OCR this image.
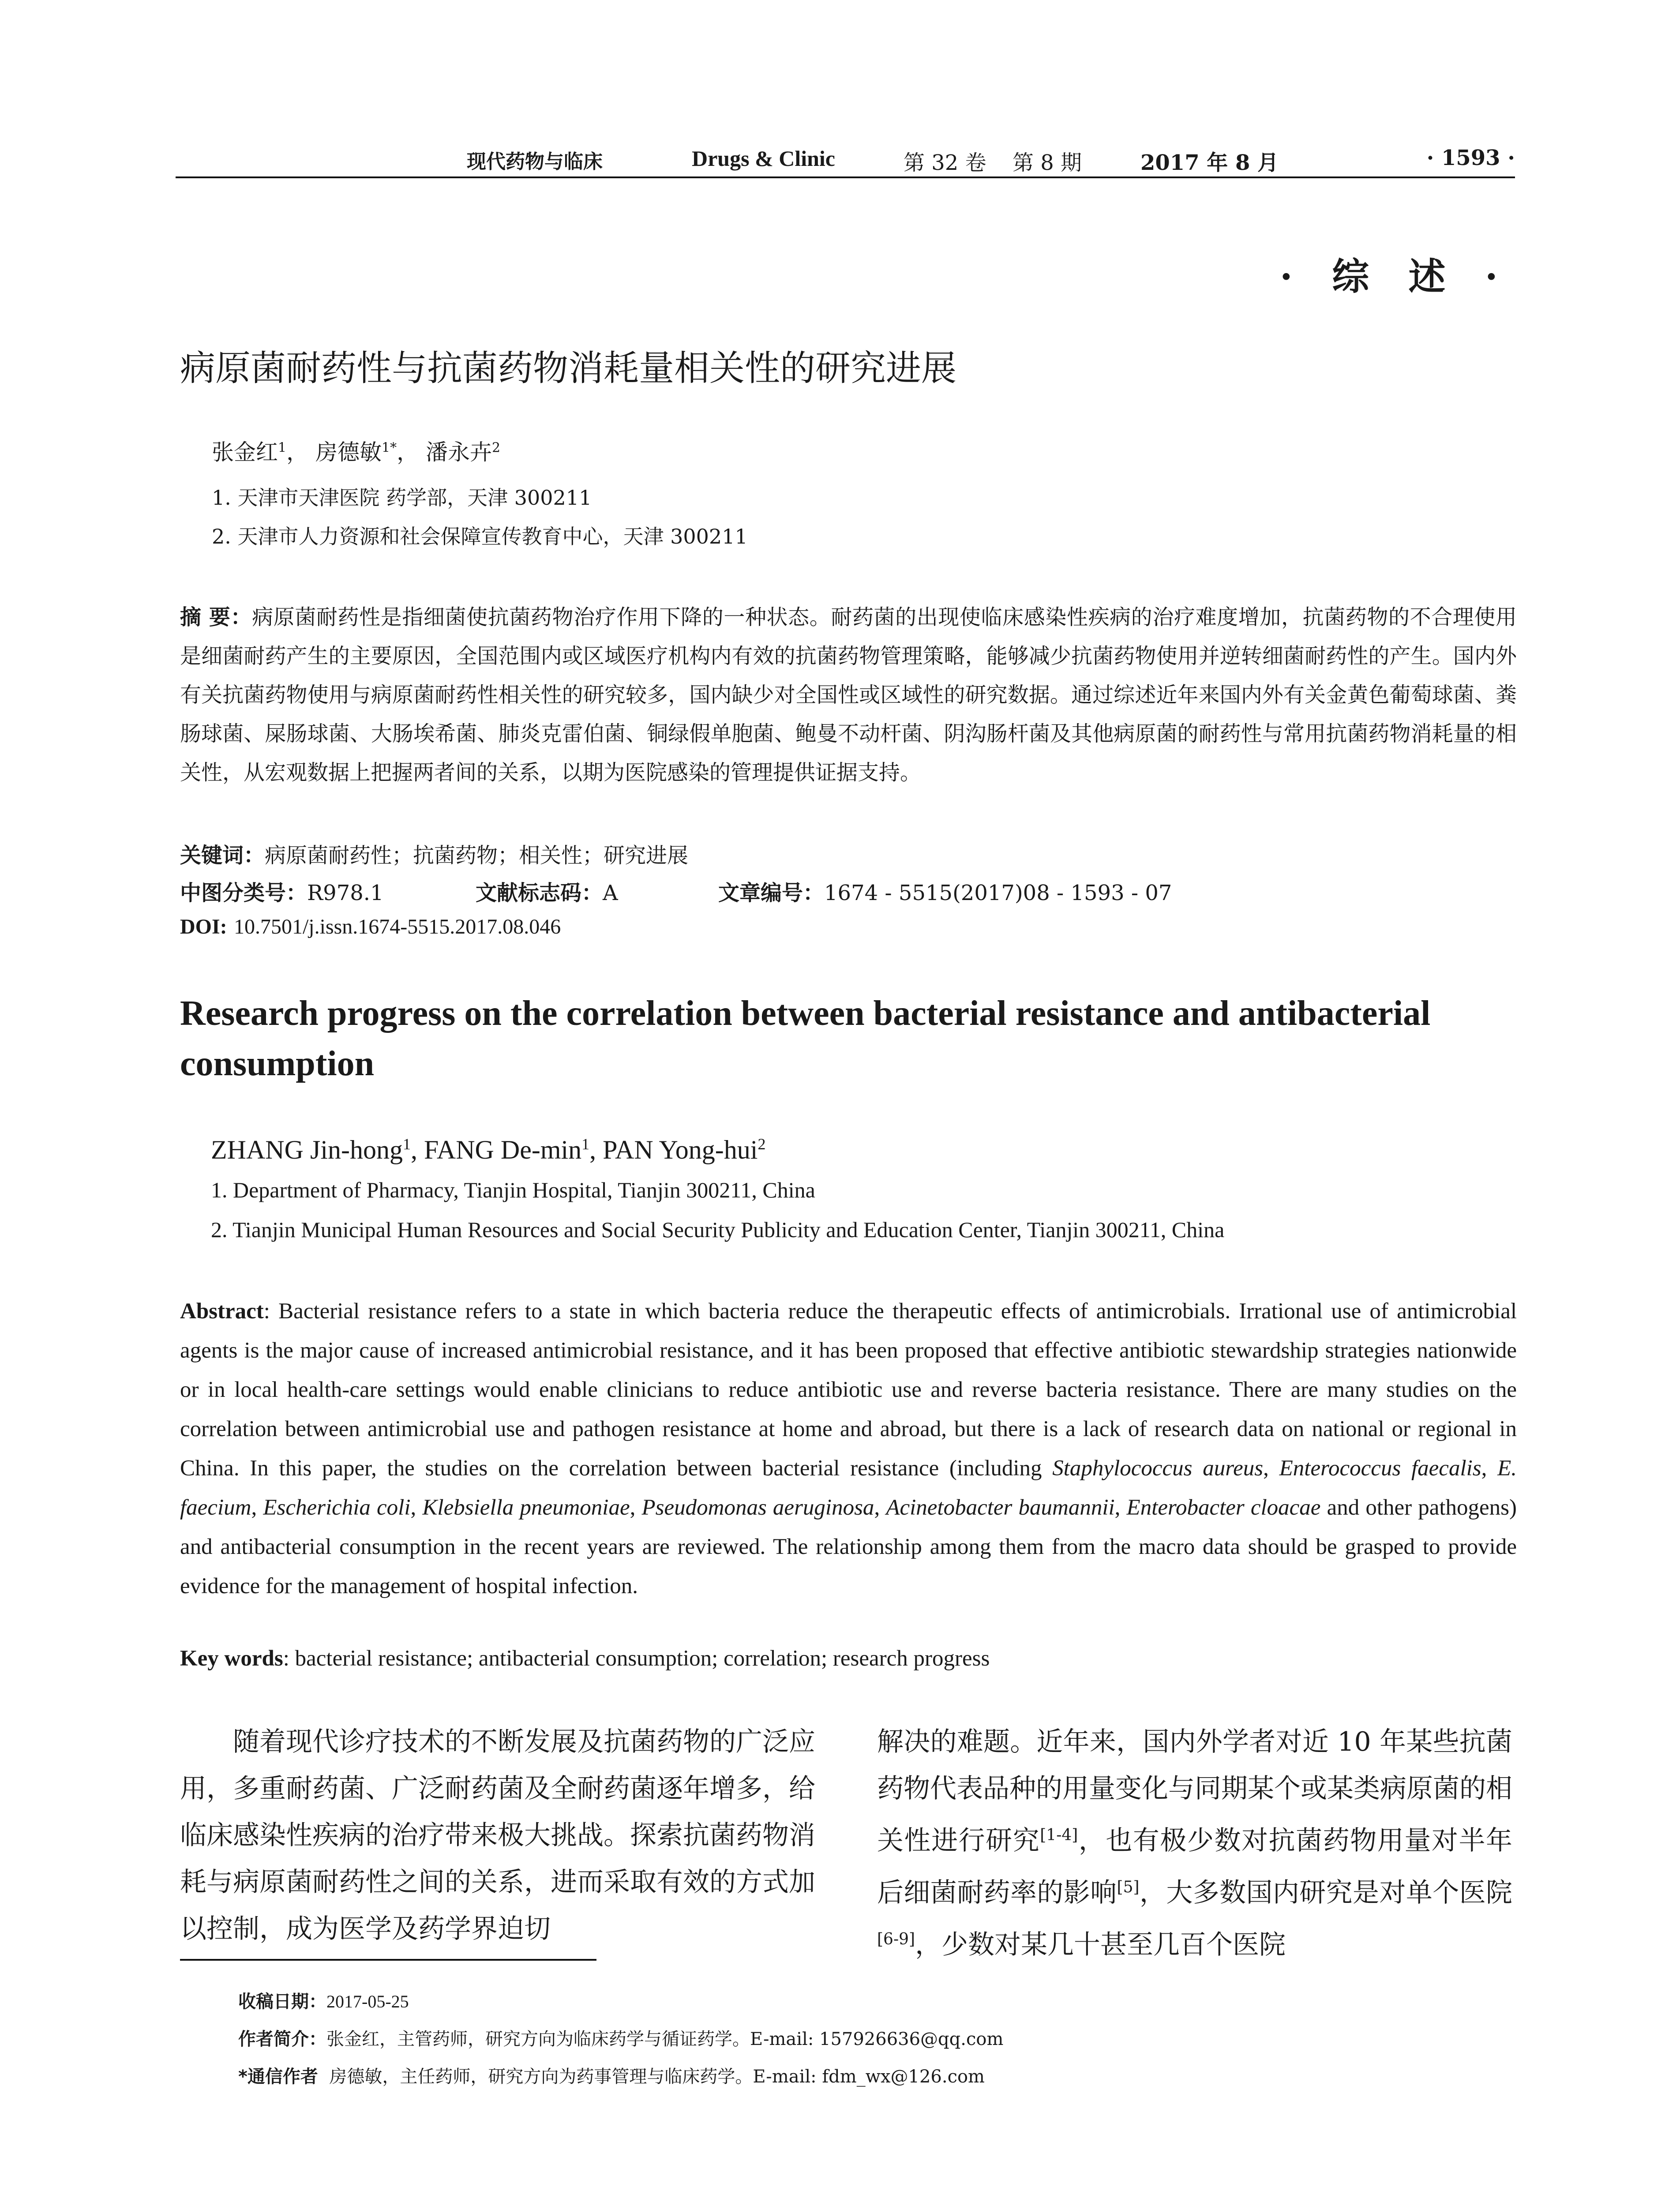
现代药物与临床	Drugs & Clinic	第 32 卷 第 8 期	2017 年 8 月	· 1593 ·
· 综 述 ·
病原菌耐药性与抗菌药物消耗量相关性的研究进展
张金红$^1$， 房德敏$^{1*}$， 潘永卉$^2$
1. 天津市天津医院 药学部，天津 300211
2. 天津市人力资源和社会保障宣传教育中心，天津 300211
摘 要：病原菌耐药性是指细菌使抗菌药物治疗作用下降的一种状态。耐药菌的出现使临床感染性疾病的治疗难度增加，抗菌药物的不合理使用是细菌耐药产生的主要原因，全国范围内或区域医疗机构内有效的抗菌药物管理策略，能够减少抗菌药物使用并逆转细菌耐药性的产生。国内外有关抗菌药物使用与病原菌耐药性相关性的研究较多，国内缺少对全国性或区域性的研究数据。通过综述近年来国内外有关金黄色葡萄球菌、粪肠球菌、屎肠球菌、大肠埃希菌、肺炎克雷伯菌、铜绿假单胞菌、鲍曼不动杆菌、阴沟肠杆菌及其他病原菌的耐药性与常用抗菌药物消耗量的相关性，从宏观数据上把握两者间的关系，以期为医院感染的管理提供证据支持。
关键词：病原菌耐药性；抗菌药物；相关性；研究进展
中图分类号：R978.1	文献标志码：A	文章编号：1674 - 5515(2017)08 - 1593 - 07
DOI: 10.7501/j.issn.1674-5515.2017.08.046
Research progress on the correlation between bacterial resistance and antibacterial consumption
ZHANG Jin-hong$^1$, FANG $De-\min^1$, PAN Yong-hui$^2$
1. Department of Pharmacy, Tianjin Hospital, Tianjin 300211, China
2. Tianjin Municipal Human Resources and Social Security Publicity and Education Center, Tianjin 300211, China
Abstract: Bacterial resistance refers to a state in which bacteria reduce the therapeutic effects of antimicrobials. Irrational use of antimicrobial agents is the major cause of increased antimicrobial resistance, and it has been proposed that effective antibiotic stewardship strategies nationwide or in local health-care settings would enable clinicians to reduce antibiotic use and reverse bacteria resistance. There are many studies on the correlation between antimicrobial use and pathogen resistance at home and abroad, but there is a lack of research data on national or regional in China. In this paper, the studies on the correlation between bacterial resistance (including Staphylococcus aureus, Enterococcus faecalis, E. faecium, Escherichia coli, Klebsiella pneumoniae, Pseudomonas aeruginosa, Acinetobacter baumannii, Enterobacter cloacae and other pathogens) and antibacterial consumption in the recent years are reviewed. The relationship among them from the macro data should be grasped to provide evidence for the management of hospital infection.
Key words: bacterial resistance; antibacterial consumption; correlation; research progress
随着现代诊疗技术的不断发展及抗菌药物的广泛应用，多重耐药菌、广泛耐药菌及全耐药菌逐年增多，给临床感染性疾病的治疗带来极大挑战。探索抗菌药物消耗与病原菌耐药性之间的关系，进而采取有效的方式加以控制，成为医学及药学界迫切
解决的难题。近年来，国内外学者对近 10 年某些抗菌药物代表品种的用量变化与同期某个或某类病原菌的相关性进行研究[1-4]，也有极少数对抗菌药物用量对半年后细菌耐药率的影响[5]，大多数国内研究是对单个医院[6-9]，少数对某几十甚至几百个医院
收稿日期：2017-05-25
作者简介：张金红，主管药师，研究方向为临床药学与循证药学。E-mail: 157926636@qq.com
*通信作者 房德敏，主任药师，研究方向为药事管理与临床药学。E-mail: fdm_wx@126.com
